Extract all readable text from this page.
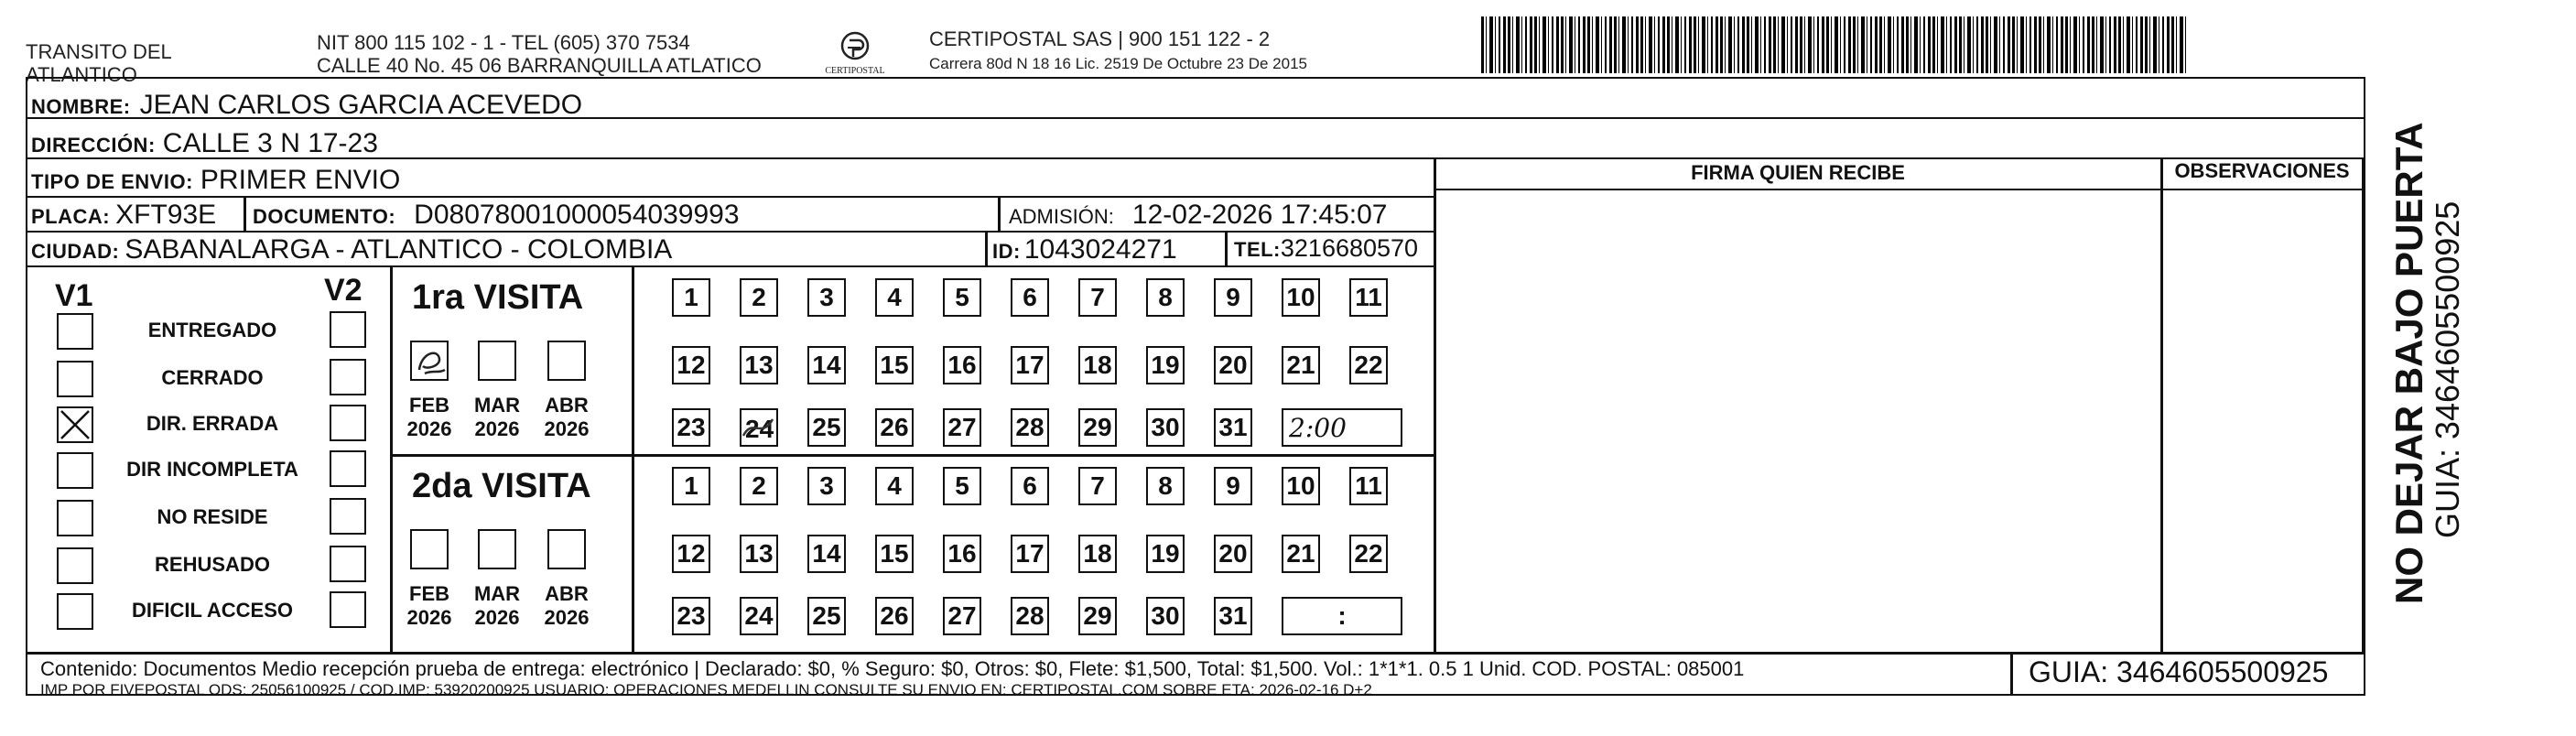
TRANSITO DEL
ATLANTICO
NIT 800 115 102 - 1 - TEL (605) 370 7534
CALLE 40 No. 45 06 BARRANQUILLA ATLATICO	CERTIPOSTAL
CERTIPOSTAL SAS | 900 151 122 - 2
Carrera 80d N 18 16 Lic. 2519 De Octubre 23 De 2015
NOMBRE: JEAN CARLOS GARCIA ACEVEDO
DIRECCIÓN: CALLE 3 N 17-23
TIPO DE ENVIO: PRIMER ENVIO
PLACA: XFT93E DOCUMENTO: D08078001000054039993	ADMISIÓN: 12-02-2026 17:45:07
CIUDAD: SABANALARGA - ATLANTICO - COLOMBIA	ID: 1043024271	TEL: 3216680570
FIRMA QUIEN RECIBE	OBSERVACIONES
V1	V2
ENTREGADO
CERRADO
DIR. ERRADA
DIR INCOMPLETA
NO RESIDE
REHUSADO
DIFICIL ACCESO
1ra VISITA
2da VISITA
FEB
2026
MAR
2026
ABR
2026
1	2	3	4	5	6	7	8	9	10 11
12 13 14 15 16 17 18 19 20 21 22
23 24 25 26 27 28 29 30 31 2:00
FEB
2026
MAR
2026
ABR
2026
1	2	3	4	5	6	7	8	9	10 11
12 13 14 15 16 17 18 19 20 21 22
23 24 25 26 27 28 29 30 31	:
NO DEJAR BAJO PUERTA
GUIA: 3464605500925
Contenido: Documentos Medio recepción prueba de entrega: electrónico | Declarado: $0, % Seguro: $0, Otros: $0, Flete: $1,500, Total: $1,500. Vol.: 1*1*1. 0.5 1 Unid. COD. POSTAL: 085001
IMP POR FIVEPOSTAL ODS: 25056100925 / COD.IMP: 53920200925 USUARIO: OPERACIONES MEDELLIN CONSULTE SU ENVIO EN: CERTIPOSTAL.COM SOBRE ETA: 2026-02-16 D+2
GUIA: 3464605500925
